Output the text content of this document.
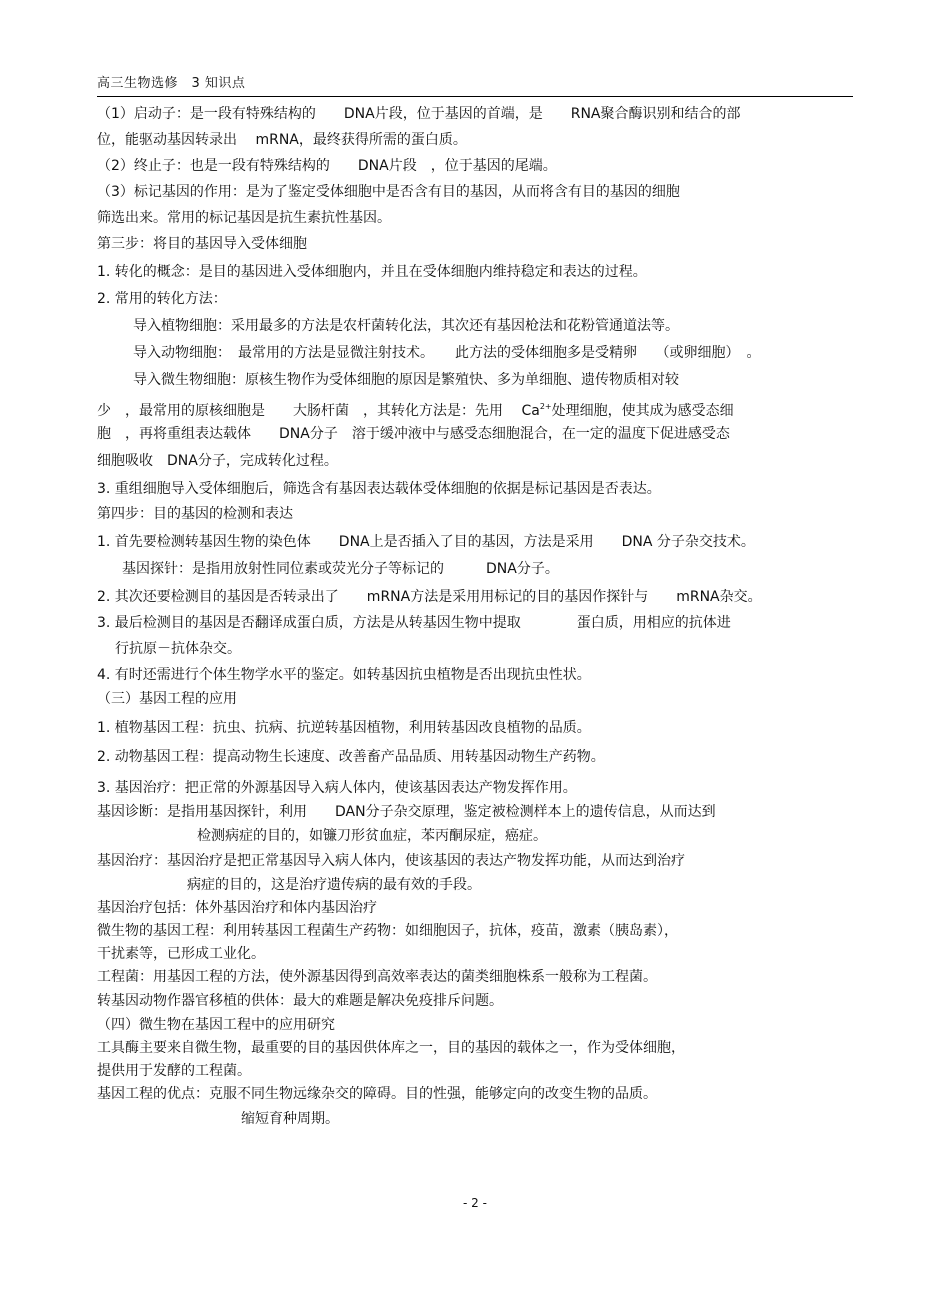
高三生物选修　3 知识点
（1）启动子：是一段有特殊结构的　　DNA片段，位于基因的首端，是　　RNA聚合酶识别和结合的部
位，能驱动基因转录出　 mRNA，最终获得所需的蛋白质。
（2）终止子：也是一段有特殊结构的　　DNA片段　，位于基因的尾端。
（3）标记基因的作用：是为了鉴定受体细胞中是否含有目的基因，从而将含有目的基因的细胞
筛选出来。常用的标记基因是抗生素抗性基因。
第三步：将目的基因导入受体细胞
1. 转化的概念：是目的基因进入受体细胞内，并且在受体细胞内维持稳定和表达的过程。
2. 常用的转化方法：
导入植物细胞：采用最多的方法是农杆菌转化法，其次还有基因枪法和花粉管通道法等。
导入动物细胞：　最常用的方法是显微注射技术。　　此方法的受体细胞多是受精卵　 （或卵细胞）　。
导入微生物细胞：原核生物作为受体细胞的原因是繁殖快、多为单细胞、遗传物质相对较
少　，最常用的原核细胞是　　大肠杆菌　，其转化方法是：先用　 $Ca^{2+}$处理细胞，使其成为感受态细
胞　，再将重组表达载体　　DNA分子　溶于缓冲液中与感受态细胞混合，在一定的温度下促进感受态
细胞吸收　DNA分子，完成转化过程。
3. 重组细胞导入受体细胞后，筛选含有基因表达载体受体细胞的依据是标记基因是否表达。
第四步：目的基因的检测和表达
1. 首先要检测转基因生物的染色体　　DNA上是否插入了目的基因，方法是采用　　DNA 分子杂交技术。
基因探针：是指用放射性同位素或荧光分子等标记的　　　DNA分子。
2. 其次还要检测目的基因是否转录出了　　mRNA方法是采用用标记的目的基因作探针与　　mRNA杂交。
3. 最后检测目的基因是否翻译成蛋白质，方法是从转基因生物中提取　　　　蛋白质，用相应的抗体进
行抗原－抗体杂交。
4. 有时还需进行个体生物学水平的鉴定。如转基因抗虫植物是否出现抗虫性状。
（三）基因工程的应用
1. 植物基因工程：抗虫、抗病、抗逆转基因植物，利用转基因改良植物的品质。
2. 动物基因工程：提高动物生长速度、改善畜产品品质、用转基因动物生产药物。
3. 基因治疗：把正常的外源基因导入病人体内，使该基因表达产物发挥作用。
基因诊断：是指用基因探针，利用　　DAN分子杂交原理，鉴定被检测样本上的遗传信息，从而达到
检测病症的目的，如镰刀形贫血症，苯丙酮尿症，癌症。
基因治疗：基因治疗是把正常基因导入病人体内，使该基因的表达产物发挥功能，从而达到治疗
病症的目的，这是治疗遗传病的最有效的手段。
基因治疗包括：体外基因治疗和体内基因治疗
微生物的基因工程：利用转基因工程菌生产药物：如细胞因子，抗体，疫苗，激素（胰岛素），
干扰素等，已形成工业化。
工程菌：用基因工程的方法，使外源基因得到高效率表达的菌类细胞株系一般称为工程菌。
转基因动物作器官移植的供体：最大的难题是解决免疫排斥问题。
（四）微生物在基因工程中的应用研究
工具酶主要来自微生物，最重要的目的基因供体库之一，目的基因的载体之一，作为受体细胞，
提供用于发酵的工程菌。
基因工程的优点：克服不同生物远缘杂交的障碍。目的性强，能够定向的改变生物的品质。
缩短育种周期。
- 2 -
